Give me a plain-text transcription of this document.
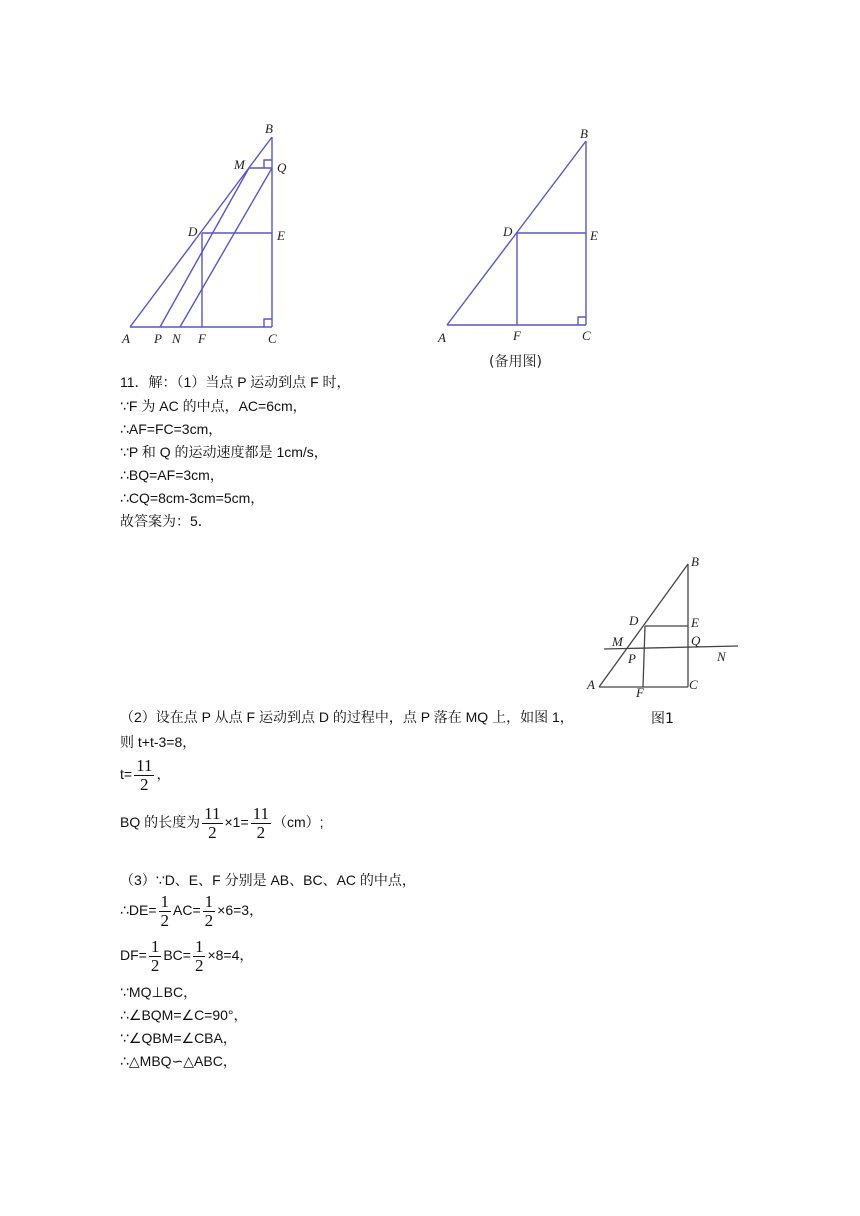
B
M Q
D	E
A P N F	C
B
D	E
A	F	C
(备用图)
11．解：（1）当点 P 运动到点 F 时，
∵F 为 AC 的中点，AC=6cm，
∴AF=FC=3cm，
∵P 和 Q 的运动速度都是 1cm/s，
∴BQ=AF=3cm，
∴CQ=8cm-3cm=5cm，
故答案为：5．
B
D	E
M	Q
P	N
A
F
C
图1
（2）设在点 P 从点 F 运动到点 D 的过程中，点 P 落在 MQ 上，如图 1，
则 t+t-3=8，
$t= \frac{11}{2}$ ，
BQ 的长度为 $\frac{11}{2} \times 1= \frac{11}{2} (cm)$;
（3）∵D、E、F 分别是 AB、BC、AC 的中点，
∴DE= $\frac{1}{2} AC= \frac{1}{2} \times 6=3$，
$DF= \frac{1}{2} BC= \frac{1}{2} \times 8=4$，
∵MQ⊥BC，
∴∠BQM=∠C=90°，
∵∠QBM=∠CBA，
∴△MBQ∽△ABC，
